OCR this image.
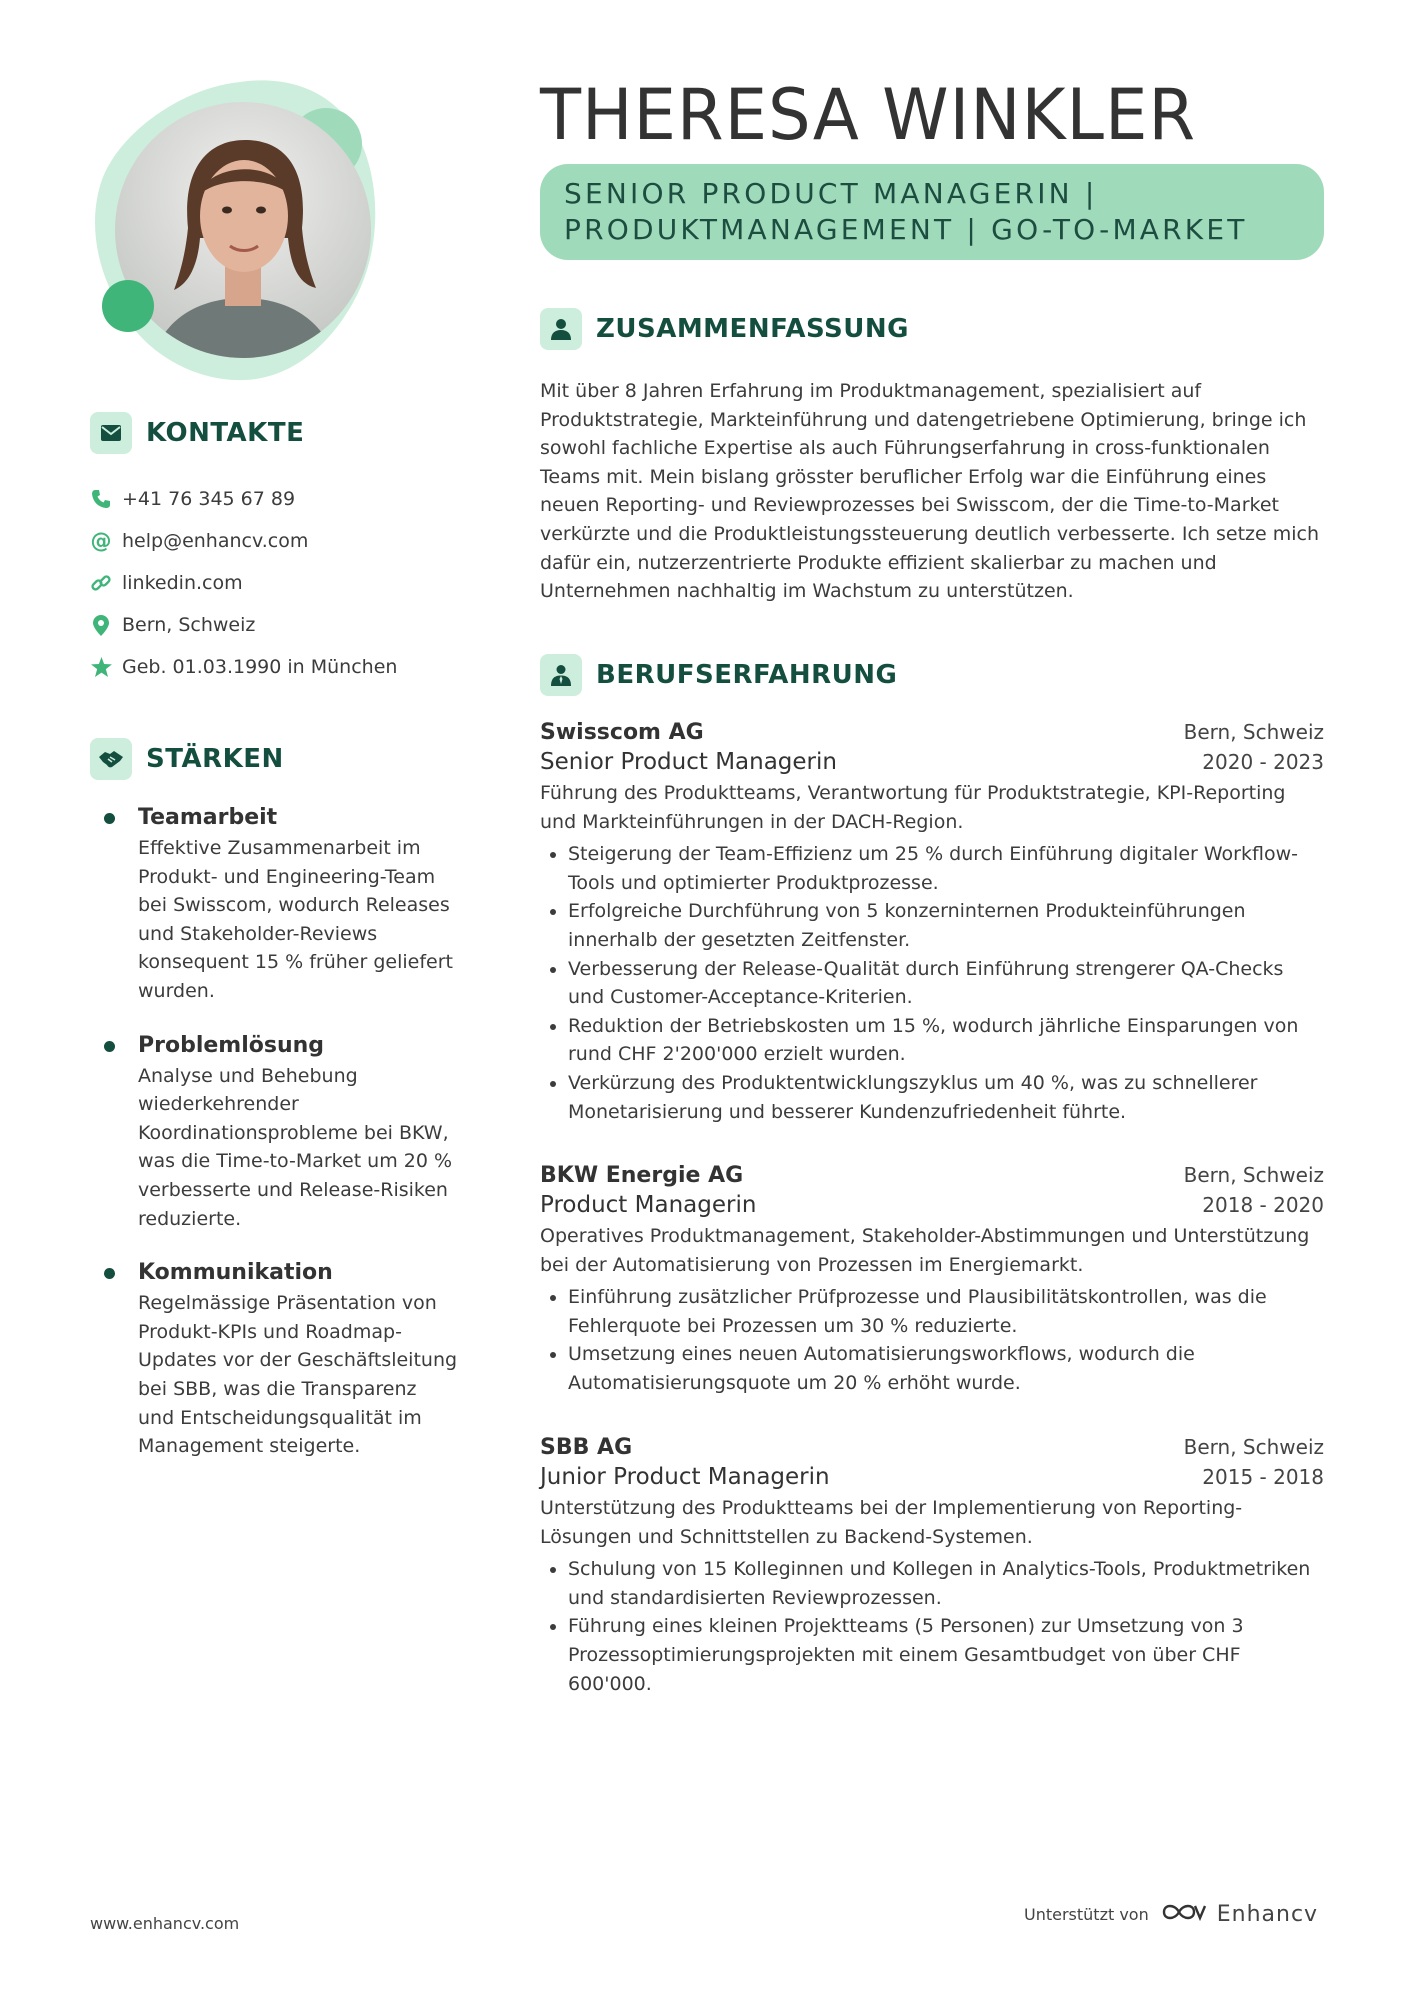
KONTAKTE
+41 76 345 67 89
@ help@enhancv.com
linkedin.com
Bern, Schweiz
Geb. 01.03.1990 in München
STÄRKEN
Teamarbeit
Effektive Zusammenarbeit im Produkt- und Engineering-Team bei Swisscom, wodurch Releases und Stakeholder-Reviews konsequent 15 % früher geliefert wurden.
Problemlösung
Analyse und Behebung wiederkehrender Koordinationsprobleme bei BKW, was die Time-to-Market um 20 % verbesserte und Release-Risiken reduzierte.
Kommunikation
Regelmässige Präsentation von Produkt-KPIs und Roadmap-Updates vor der Geschäftsleitung bei SBB, was die Transparenz und Entscheidungsqualität im Management steigerte.
THERESA WINKLER
SENIOR PRODUCT MANAGERIN |
PRODUKTMANAGEMENT | GO-TO-MARKET
ZUSAMMENFASSUNG
Mit über 8 Jahren Erfahrung im Produktmanagement, spezialisiert auf Produktstrategie, Markteinführung und datengetriebene Optimierung, bringe ich sowohl fachliche Expertise als auch Führungserfahrung in cross-funktionalen Teams mit. Mein bislang grösster beruflicher Erfolg war die Einführung eines neuen Reporting- und Reviewprozesses bei Swisscom, der die Time-to-Market verkürzte und die Produktleistungssteuerung deutlich verbesserte. Ich setze mich dafür ein, nutzerzentrierte Produkte effizient skalierbar zu machen und Unternehmen nachhaltig im Wachstum zu unterstützen.
BERUFSERFAHRUNG
Swisscom AG	Bern, Schweiz
Senior Product Managerin	2020 - 2023
Führung des Produktteams, Verantwortung für Produktstrategie, KPI-Reporting und Markteinführungen in der DACH-Region.
• Steigerung der Team-Effizienz um 25 % durch Einführung digitaler Workflow-Tools und optimierter Produktprozesse.
• Erfolgreiche Durchführung von 5 konzerninternen Produkteinführungen innerhalb der gesetzten Zeitfenster.
• Verbesserung der Release-Qualität durch Einführung strengerer QA-Checks und Customer-Acceptance-Kriterien.
• Reduktion der Betriebskosten um 15 %, wodurch jährliche Einsparungen von rund CHF 2'200'000 erzielt wurden.
• Verkürzung des Produktentwicklungszyklus um 40 %, was zu schnellerer Monetarisierung und besserer Kundenzufriedenheit führte.
BKW Energie AG	Bern, Schweiz
Product Managerin	2018 - 2020
Operatives Produktmanagement, Stakeholder-Abstimmungen und Unterstützung bei der Automatisierung von Prozessen im Energiemarkt.
• Einführung zusätzlicher Prüfprozesse und Plausibilitätskontrollen, was die Fehlerquote bei Prozessen um 30 % reduzierte.
• Umsetzung eines neuen Automatisierungsworkflows, wodurch die Automatisierungsquote um 20 % erhöht wurde.
SBB AG	Bern, Schweiz
Junior Product Managerin	2015 - 2018
Unterstützung des Produktteams bei der Implementierung von Reporting-Lösungen und Schnittstellen zu Backend-Systemen.
• Schulung von 15 Kolleginnen und Kollegen in Analytics-Tools, Produktmetriken und standardisierten Reviewprozessen.
• Führung eines kleinen Projektteams (5 Personen) zur Umsetzung von 3 Prozessoptimierungsprojekten mit einem Gesamtbudget von über CHF 600'000.
www.enhancv.com	Unterstützt von	Enhancv
